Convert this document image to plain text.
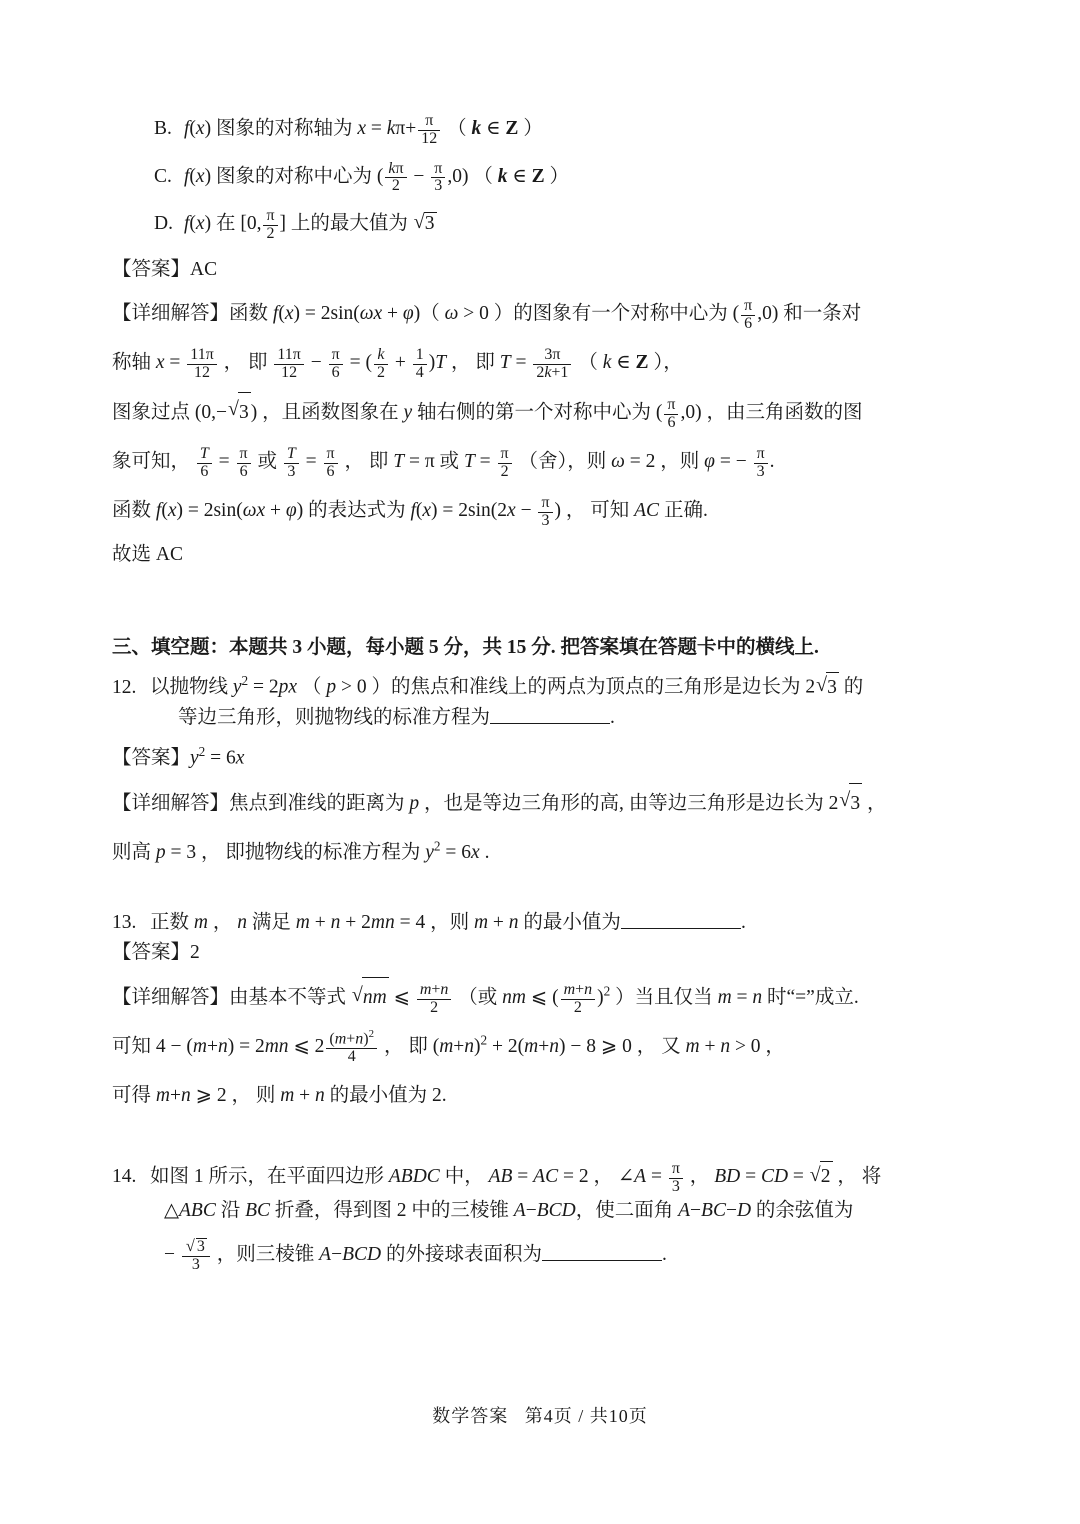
B. f(x) 图象的对称轴为 $x = k\pi+ \frac{\pi}{12}$ （ k ∈ Z ）
C. f(x) 图象的对称中心为 ( $\frac{k\pi}{2} - \frac{\pi}{3} ,0$) （ k ∈ Z ）
D. f(x) 在 [0, $\frac{\pi}{2}$ ] 上的最大值为 √ 3
【答案】AC
【详细解答】函数 f(x) = 2sin(ωx + φ)（ ω > 0 ）的图象有一个对称中心为 ( $\frac{\pi}{6} ,0$) 和一条对
称轴 $x = \frac{11\pi}{12}$ ， 即 $\frac{11\pi}{12} - \frac{\pi}{6}$ = ( $\frac{k}{2} + \frac{1}{4} )T$ ， 即 $T = \frac{3\pi}{2k+1}$ （ k ∈ Z ），
图象过点 (0,− √ 3 ) ，且函数图象在 y 轴右侧的第一个对称中心为 ( $\frac{\pi}{6} ,0$) ，由三角函数的图
象可知， $\frac{T}{6} = \frac{\pi}{6}$ 或 $\frac{T}{3} = \frac{\pi}{6}$ ， 即 T = π 或 $T = \frac{\pi}{2}$ （舍），则 ω = 2 ，则 φ = − $\frac{\pi}{3}$ .
函数 f(x) = 2sin(ωx + φ) 的表达式为 $f(x) = 2\sin(2x - \frac{\pi}{3}$ ) ， 可知 AC 正确.
故选 AC
三、填空题：本题共 3 小题，每小题 5 分，共 15 分. 把答案填在答题卡中的横线上.
12. 以抛物线 $y^2 = 2px$ （ p > 0 ）的焦点和准线上的两点为顶点的三角形是边长为 2 √ 3 的
等边三角形，则抛物线的标准方程为	.
【答案】$y^2 = 6x$
【详细解答】焦点到准线的距离为 p ，也是等边三角形的高, 由等边三角形是边长为 2 √ 3 ，
则高 p = 3 ， 即抛物线的标准方程为 $y^2 = 6x$ .
13. 正数 m ， n 满足 m + n + 2mn = 4 ，则 m + n 的最小值为	.
【答案】2
【详细解答】由基本不等式 √ nm ⩽ $\frac{m+n}{2}$ （或 nm ⩽ ( $\frac{m+n}{2} )^2$ ）当且仅当 m = n 时“=”成立.
可知 4 − (m+n) = 2mn ⩽ $2 \frac{(m+n)^2}{4}$ ， 即 $(m+n)^2 + 2(m+n) - 8$ ⩾ 0 ， 又 m + n > 0 ，
可得 m+n ⩾ 2 ， 则 m + n 的最小值为 2.
14. 如图 1 所示，在平面四边形 ABDC 中， AB = AC = 2 ， ∠A = $\frac{\pi}{3}$ ， BD = CD = √ 2 ， 将
△ABC 沿 BC 折叠，得到图 2 中的三棱锥 A−BCD，使二面角 A−BC−D 的余弦值为
− √ $\frac{3}{3}$ ，则三棱锥 A−BCD 的外接球表面积为	.
数学答案 第4页 / 共10页
